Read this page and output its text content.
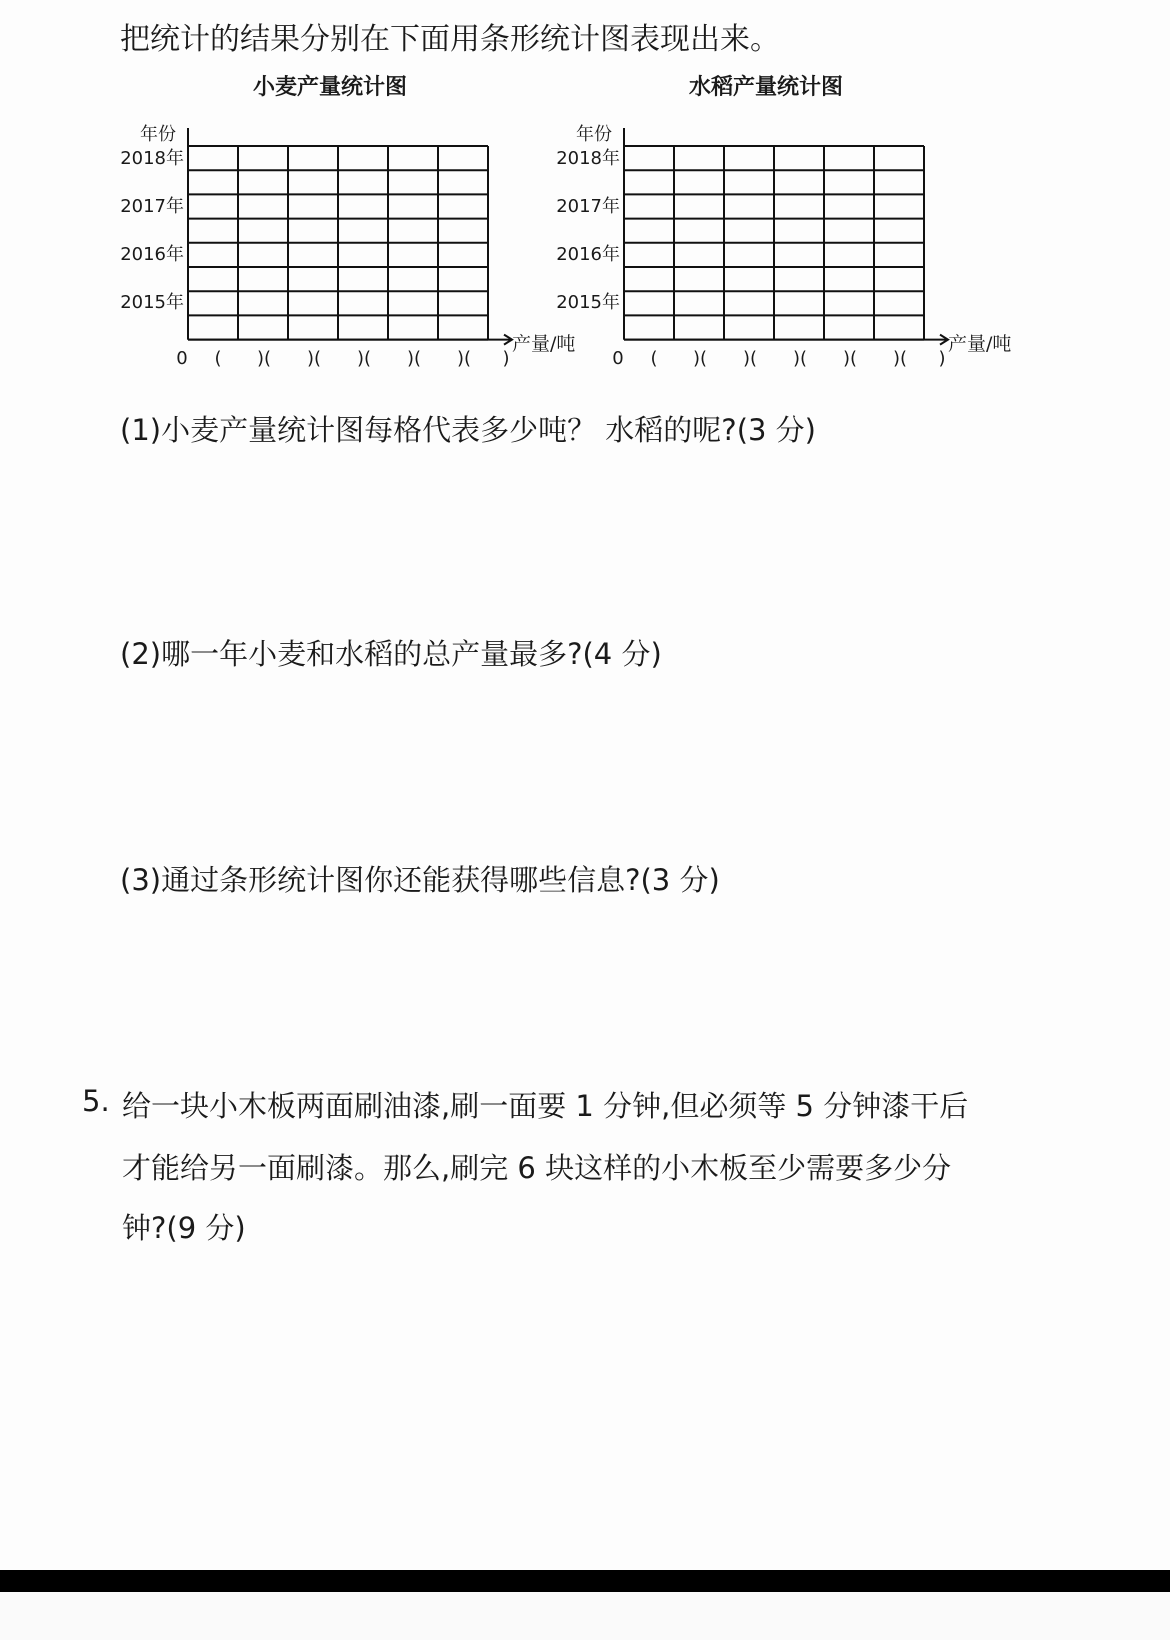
把统计的结果分别在下面用条形统计图表现出来。
小麦产量统计图
年份
2018年
2017年
2016年
2015年
0 ( )( )( )( )( )( )
产量/吨
水稻产量统计图
年份
2018年
2017年
2016年
2015年
0 ( )( )( )( )( )( )
产量/吨
(1)小麦产量统计图每格代表多少吨？ 水稻的呢?(3 分)
(2)哪一年小麦和水稻的总产量最多?(4 分)
(3)通过条形统计图你还能获得哪些信息?(3 分)
5. 给一块小木板两面刷油漆,刷一面要 1 分钟,但必须等 5 分钟漆干后
才能给另一面刷漆。那么,刷完 6 块这样的小木板至少需要多少分
钟?(9 分)
